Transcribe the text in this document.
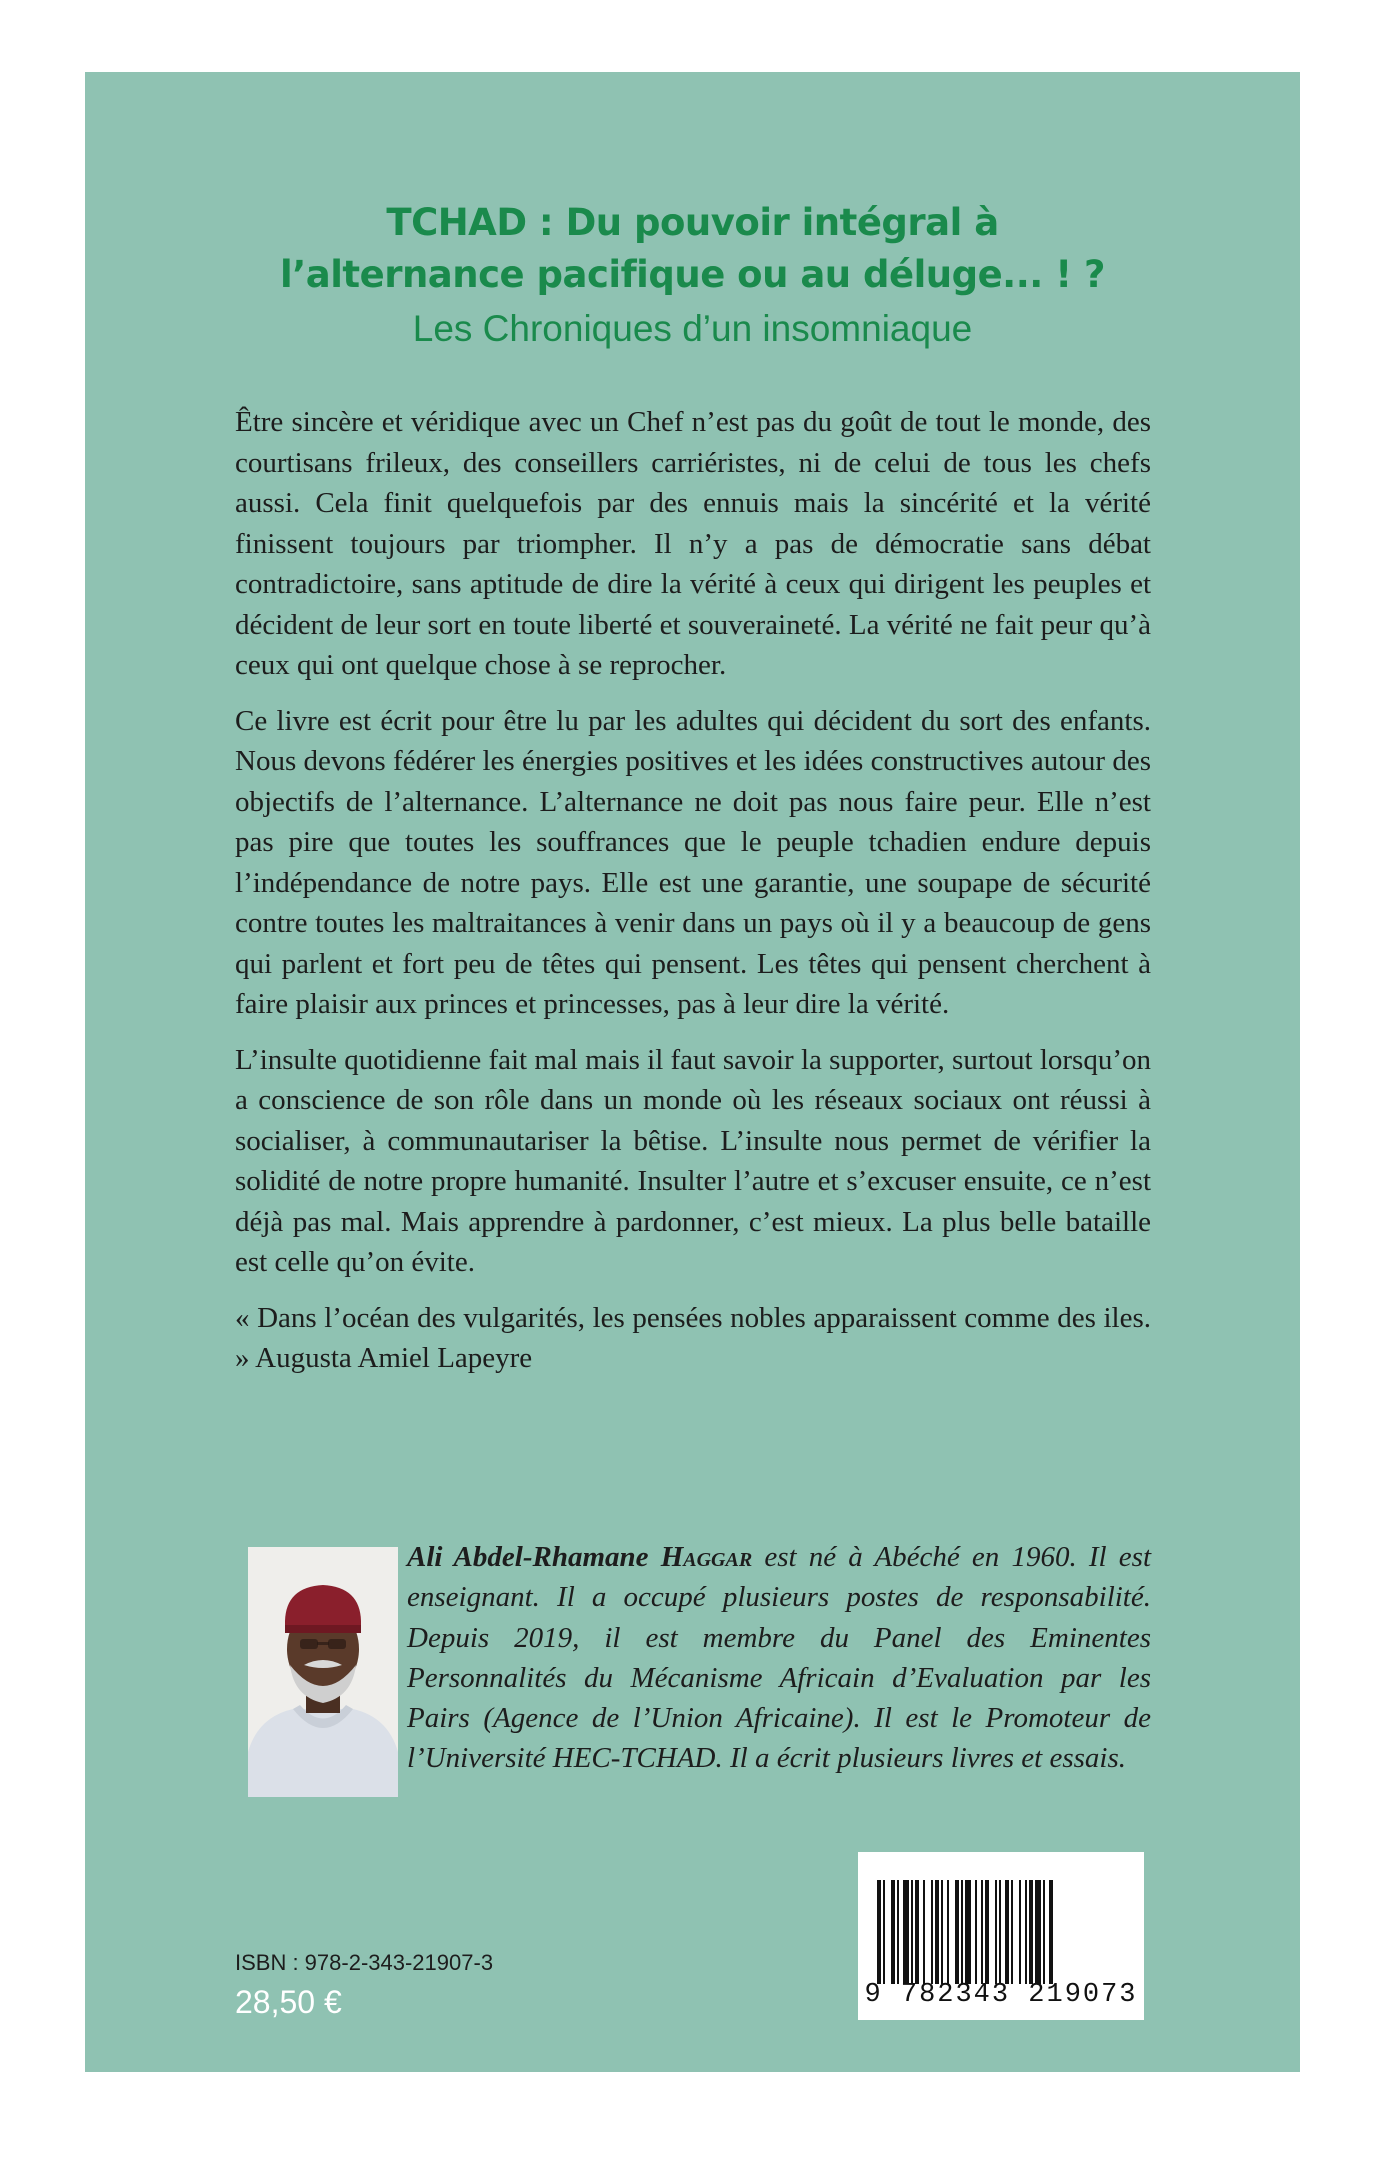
TCHAD : Du pouvoir intégral à
l’alternance pacifique ou au déluge... ! ?
Les Chroniques d’un insomniaque

Être sincère et véridique avec un Chef n’est pas du goût de tout le monde, des courtisans frileux, des conseillers carriéristes, ni de celui de tous les chefs aussi. Cela finit quelquefois par des ennuis mais la sincérité et la vérité finissent toujours par triompher. Il n’y a pas de démocratie sans débat contradictoire, sans aptitude de dire la vérité à ceux qui dirigent les peuples et décident de leur sort en toute liberté et souveraineté. La vérité ne fait peur qu’à ceux qui ont quelque chose à se reprocher.

Ce livre est écrit pour être lu par les adultes qui décident du sort des enfants. Nous devons fédérer les énergies positives et les idées constructives autour des objectifs de l’alternance. L’alternance ne doit pas nous faire peur. Elle n’est pas pire que toutes les souffrances que le peuple tchadien endure depuis l’indépendance de notre pays. Elle est une garantie, une soupape de sécurité contre toutes les maltraitances à venir dans un pays où il y a beaucoup de gens qui parlent et fort peu de têtes qui pensent. Les têtes qui pensent cherchent à faire plaisir aux princes et princesses, pas à leur dire la vérité.

L’insulte quotidienne fait mal mais il faut savoir la supporter, surtout lorsqu’on a conscience de son rôle dans un monde où les réseaux sociaux ont réussi à socialiser, à communautariser la bêtise. L’insulte nous permet de vérifier la solidité de notre propre humanité. Insulter l’autre et s’excuser ensuite, ce n’est déjà pas mal. Mais apprendre à pardonner, c’est mieux. La plus belle bataille est celle qu’on évite.

« Dans l’océan des vulgarités, les pensées nobles apparaissent comme des iles. » Augusta Amiel Lapeyre

Ali Abdel-Rhamane Haggar est né à Abéché en 1960. Il est enseignant. Il a occupé plusieurs postes de responsabilité. Depuis 2019, il est membre du Panel des Eminentes Personnalités du Mécanisme Africain d’Evaluation par les Pairs (Agence de l’Union Africaine). Il est le Promoteur de l’Université HEC-TCHAD. Il a écrit plusieurs livres et essais.
ISBN : 978-2-343-21907-3
28,50 €	9 782343 219073
